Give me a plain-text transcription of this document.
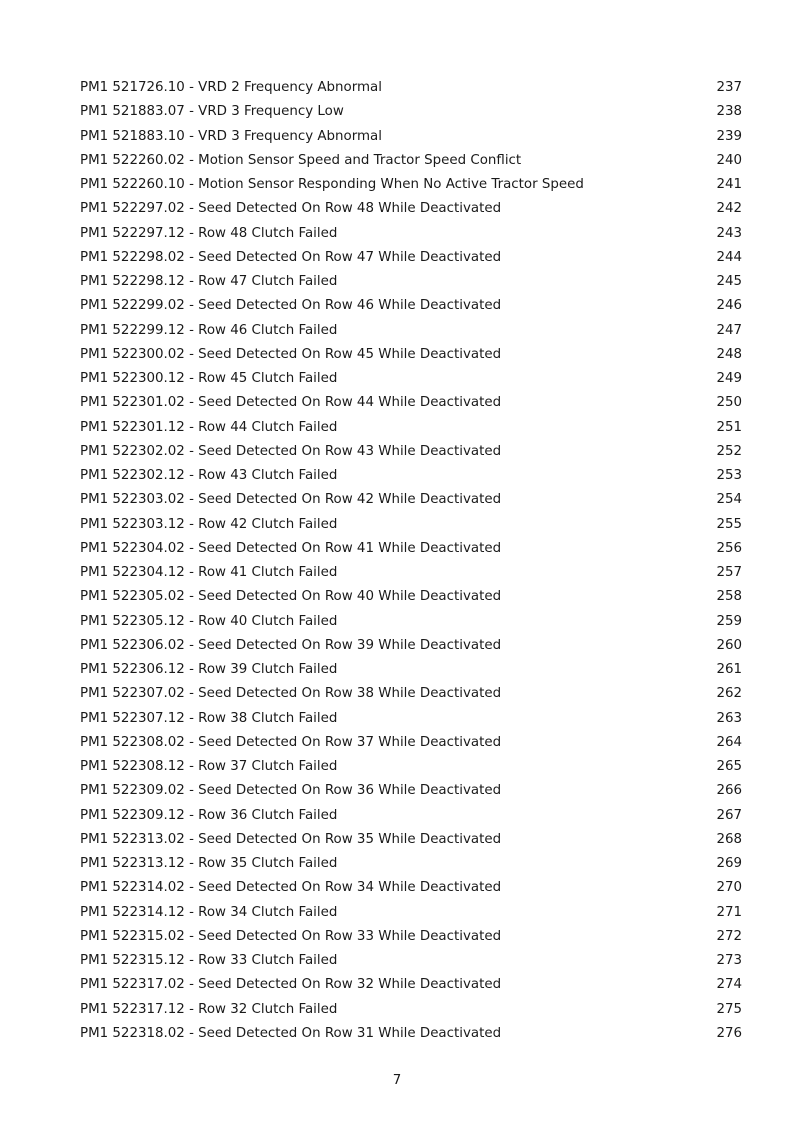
PM1 521726.10 - VRD 2 Frequency Abnormal	237
PM1 521883.07 - VRD 3 Frequency Low	238
PM1 521883.10 - VRD 3 Frequency Abnormal	239
PM1 522260.02 - Motion Sensor Speed and Tractor Speed Conflict	240
PM1 522260.10 - Motion Sensor Responding When No Active Tractor Speed	241
PM1 522297.02 - Seed Detected On Row 48 While Deactivated	242
PM1 522297.12 - Row 48 Clutch Failed	243
PM1 522298.02 - Seed Detected On Row 47 While Deactivated	244
PM1 522298.12 - Row 47 Clutch Failed	245
PM1 522299.02 - Seed Detected On Row 46 While Deactivated	246
PM1 522299.12 - Row 46 Clutch Failed	247
PM1 522300.02 - Seed Detected On Row 45 While Deactivated	248
PM1 522300.12 - Row 45 Clutch Failed	249
PM1 522301.02 - Seed Detected On Row 44 While Deactivated	250
PM1 522301.12 - Row 44 Clutch Failed	251
PM1 522302.02 - Seed Detected On Row 43 While Deactivated	252
PM1 522302.12 - Row 43 Clutch Failed	253
PM1 522303.02 - Seed Detected On Row 42 While Deactivated	254
PM1 522303.12 - Row 42 Clutch Failed	255
PM1 522304.02 - Seed Detected On Row 41 While Deactivated	256
PM1 522304.12 - Row 41 Clutch Failed	257
PM1 522305.02 - Seed Detected On Row 40 While Deactivated	258
PM1 522305.12 - Row 40 Clutch Failed	259
PM1 522306.02 - Seed Detected On Row 39 While Deactivated	260
PM1 522306.12 - Row 39 Clutch Failed	261
PM1 522307.02 - Seed Detected On Row 38 While Deactivated	262
PM1 522307.12 - Row 38 Clutch Failed	263
PM1 522308.02 - Seed Detected On Row 37 While Deactivated	264
PM1 522308.12 - Row 37 Clutch Failed	265
PM1 522309.02 - Seed Detected On Row 36 While Deactivated	266
PM1 522309.12 - Row 36 Clutch Failed	267
PM1 522313.02 - Seed Detected On Row 35 While Deactivated	268
PM1 522313.12 - Row 35 Clutch Failed	269
PM1 522314.02 - Seed Detected On Row 34 While Deactivated	270
PM1 522314.12 - Row 34 Clutch Failed	271
PM1 522315.02 - Seed Detected On Row 33 While Deactivated	272
PM1 522315.12 - Row 33 Clutch Failed	273
PM1 522317.02 - Seed Detected On Row 32 While Deactivated	274
PM1 522317.12 - Row 32 Clutch Failed	275
PM1 522318.02 - Seed Detected On Row 31 While Deactivated	276
7
